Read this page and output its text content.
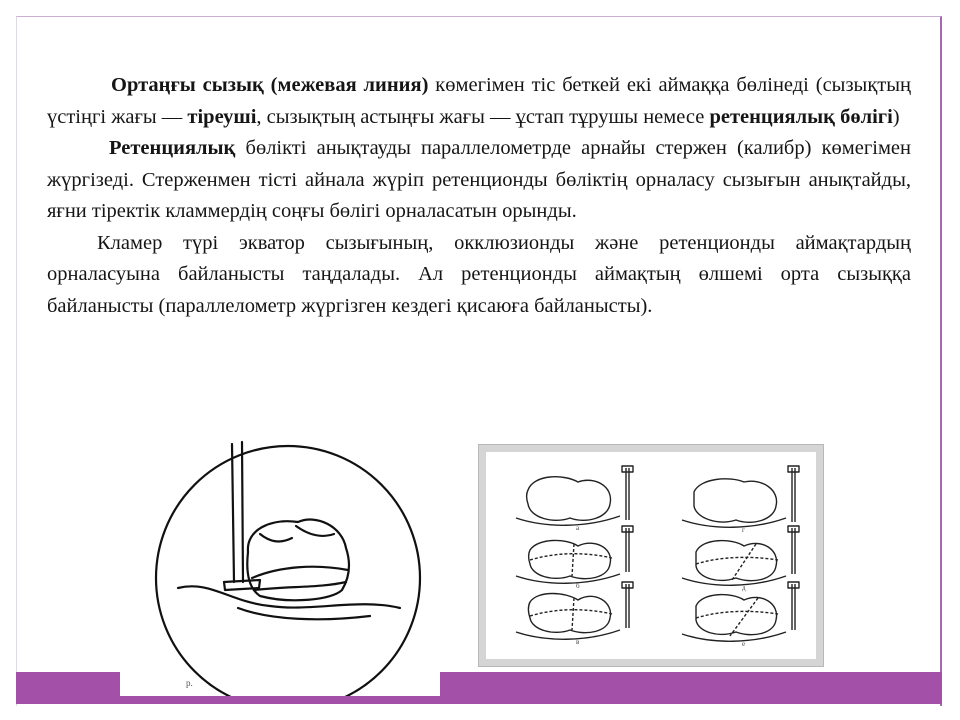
Ортаңғы сызық (межевая линия) көмегімен тіс беткей екі аймаққа бөлінеді (сызықтың үстіңгі жағы — тіреуші, сызықтың астыңғы жағы — ұстап тұрушы немесе ретенциялық бөлігі)

Ретенциялық бөлікті анықтауды параллелометрде арнайы стержен (калибр) көмегімен жүргізеді. Стерженмен тісті айнала жүріп ретенционды бөліктің орналасу сызығын анықтайды, яғни тіректік кламмердің соңғы бөлігі орналасатын орынды.

Кламер түрі экватор сызығының, окклюзионды және ретенционды аймақтардың орналасуына байланысты таңдалады. Ал ретенционды аймақтың өлшемі орта сызыққа байланысты (параллелометр жүргізген кездегі қисаюға байланысты).

р.
а
б
в
г
д
е
